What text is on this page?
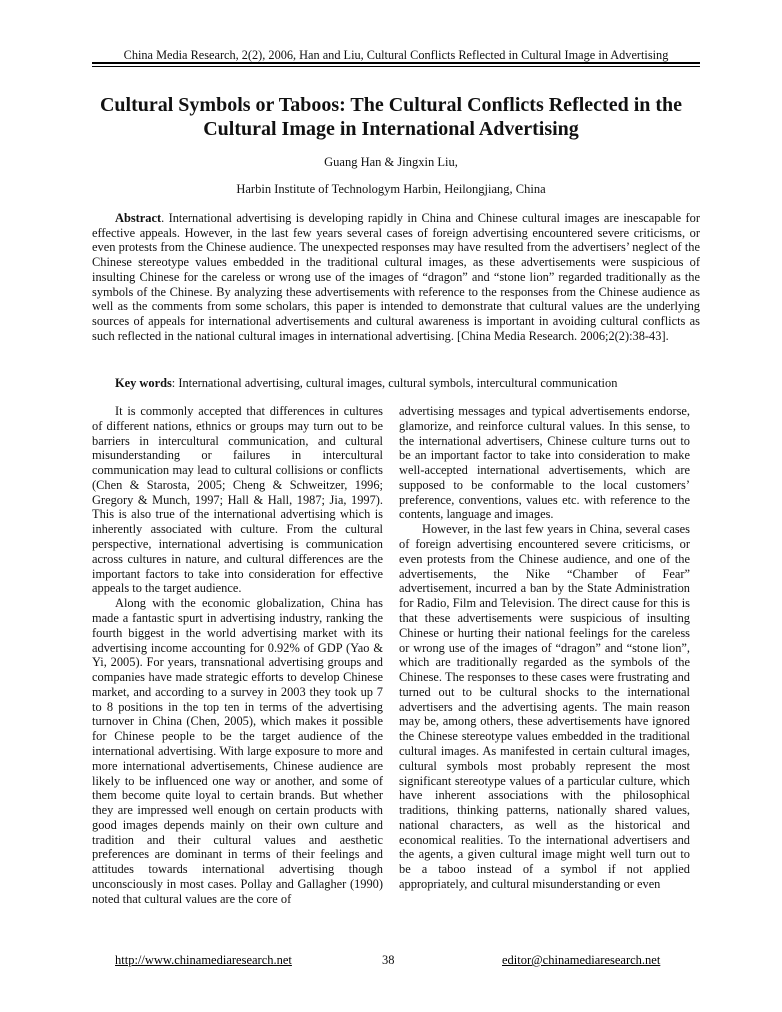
China Media Research, 2(2), 2006, Han and Liu, Cultural Conflicts Reflected in Cultural Image in Advertising
Cultural Symbols or Taboos: The Cultural Conflicts Reflected in the Cultural Image in International Advertising
Guang Han & Jingxin Liu,
Harbin Institute of Technologym Harbin, Heilongjiang, China

Abstract. International advertising is developing rapidly in China and Chinese cultural images are inescapable for effective appeals. However, in the last few years several cases of foreign advertising encountered severe criticisms, or even protests from the Chinese audience. The unexpected responses may have resulted from the advertisers’ neglect of the Chinese stereotype values embedded in the traditional cultural images, as these advertisements were suspicious of insulting Chinese for the careless or wrong use of the images of “dragon” and “stone lion” regarded traditionally as the symbols of the Chinese. By analyzing these advertisements with reference to the responses from the Chinese audience as well as the comments from some scholars, this paper is intended to demonstrate that cultural values are the underlying sources of appeals for international advertisements and cultural awareness is important in avoiding cultural conflicts as such reflected in the national cultural images in international advertising. [China Media Research. 2006;2(2):38-43].

Key words: International advertising, cultural images, cultural symbols, intercultural communication

It is commonly accepted that differences in cultures of different nations, ethnics or groups may turn out to be barriers in intercultural communication, and cultural misunderstanding or failures in intercultural communication may lead to cultural collisions or conflicts (Chen & Starosta, 2005; Cheng & Schweitzer, 1996; Gregory & Munch, 1997; Hall & Hall, 1987; Jia, 1997). This is also true of the international advertising which is inherently associated with culture. From the cultural perspective, international advertising is communication across cultures in nature, and cultural differences are the important factors to take into consideration for effective appeals to the target audience.

Along with the economic globalization, China has made a fantastic spurt in advertising industry, ranking the fourth biggest in the world advertising market with its advertising income accounting for 0.92% of GDP (Yao & Yi, 2005). For years, transnational advertising groups and companies have made strategic efforts to develop Chinese market, and according to a survey in 2003 they took up 7 to 8 positions in the top ten in terms of the advertising turnover in China (Chen, 2005), which makes it possible for Chinese people to be the target audience of the international advertising. With large exposure to more and more international advertisements, Chinese audience are likely to be influenced one way or another, and some of them become quite loyal to certain brands. But whether they are impressed well enough on certain products with good images depends mainly on their own culture and tradition and their cultural values and aesthetic preferences are dominant in terms of their feelings and attitudes towards international advertising though unconsciously in most cases. Pollay and Gallagher (1990) noted that cultural values are the core of

advertising messages and typical advertisements endorse, glamorize, and reinforce cultural values. In this sense, to the international advertisers, Chinese culture turns out to be an important factor to take into consideration to make well-accepted international advertisements, which are supposed to be conformable to the local customers’ preference, conventions, values etc. with reference to the contents, language and images.

However, in the last few years in China, several cases of foreign advertising encountered severe criticisms, or even protests from the Chinese audience, and one of the advertisements, the Nike “Chamber of Fear” advertisement, incurred a ban by the State Administration for Radio, Film and Television. The direct cause for this is that these advertisements were suspicious of insulting Chinese or hurting their national feelings for the careless or wrong use of the images of “dragon” and “stone lion”, which are traditionally regarded as the symbols of the Chinese. The responses to these cases were frustrating and turned out to be cultural shocks to the international advertisers and the advertising agents. The main reason may be, among others, these advertisements have ignored the Chinese stereotype values embedded in the traditional cultural images. As manifested in certain cultural images, cultural symbols most probably represent the most significant stereotype values of a particular culture, which have inherent associations with the philosophical traditions, thinking patterns, nationally shared values, national characters, as well as the historical and economical realities. To the international advertisers and the agents, a given cultural image might well turn out to be a taboo instead of a symbol if not applied appropriately, and cultural misunderstanding or even

http://www.chinamediaresearch.net	38	editor@chinamediaresearch.net
